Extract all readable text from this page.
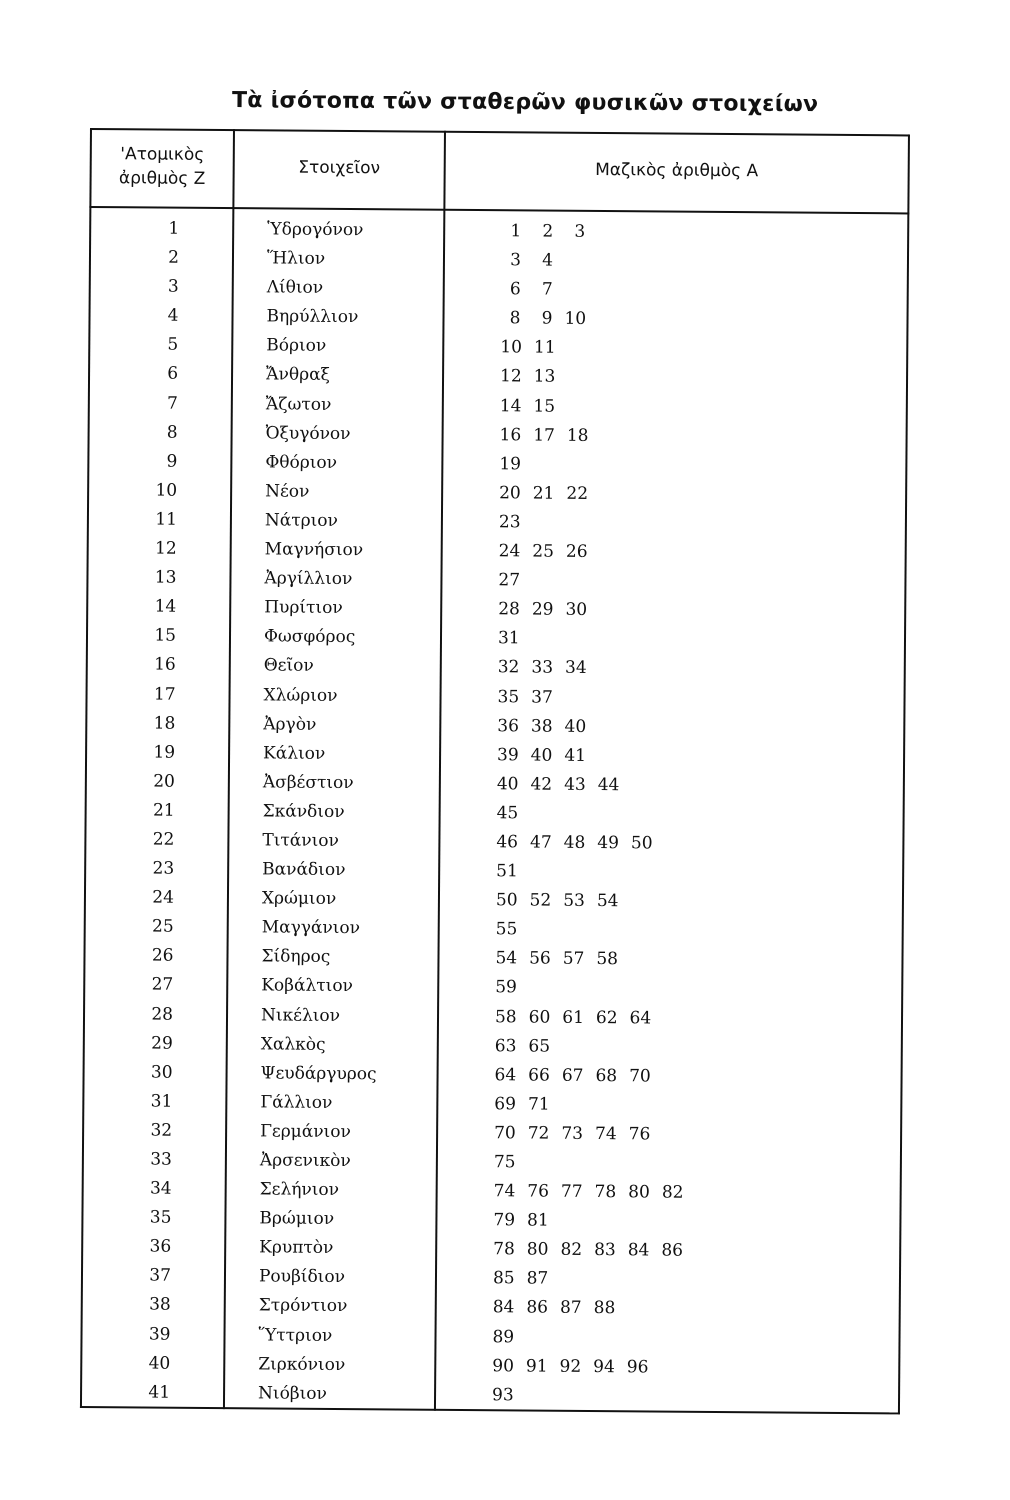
Τὰ ἰσότοπα τῶν σταθερῶν φυσικῶν στοιχείων
'Ατομικὸς
ἀριθμὸς Ζ
Στοιχεῖον	Μαζικὸς ἀριθμὸς Α
1	Ὑδρογόνον	1 2 3
2	Ἥλιον	3 4
3	Λίθιον	6 7
4	Βηρύλλιον	8 9 10
5	Βόριον	10 11
6	Ἄνθραξ	12 13
7	Ἄζωτον	14 15
8	Ὀξυγόνον	16 17 18
9	Φθόριον	19
10	Νέον	20 21 22
11	Νάτριον	23
12	Μαγνήσιον	24 25 26
13	Ἀργίλλιον	27
14	Πυρίτιον	28 29 30
15	Φωσφόρος	31
16	Θεῖον	32 33 34
17	Χλώριον	35 37
18	Ἀργὸν	36 38 40
19	Κάλιον	39 40 41
20	Ἀσβέστιον	40 42 43 44
21	Σκάνδιον	45
22	Τιτάνιον	46 47 48 49 50
23	Βανάδιον	51
24	Χρώμιον	50 52 53 54
25	Μαγγάνιον	55
26	Σίδηρος	54 56 57 58
27	Κοβάλτιον	59
28	Νικέλιον	58 60 61 62 64
29	Χαλκὸς	63 65
30	Ψευδάργυρος	64 66 67 68 70
31	Γάλλιον	69 71
32	Γερμάνιον	70 72 73 74 76
33	Ἀρσενικὸν	75
34	Σελήνιον	74 76 77 78 80 82
35	Βρώμιον	79 81
36	Κρυπτὸν	78 80 82 83 84 86
37	Ρουβίδιον	85 87
38	Στρόντιον	84 86 87 88
39	Ὕττριον	89
40	Ζιρκόνιον	90 91 92 94 96
41	Νιόβιον	93
